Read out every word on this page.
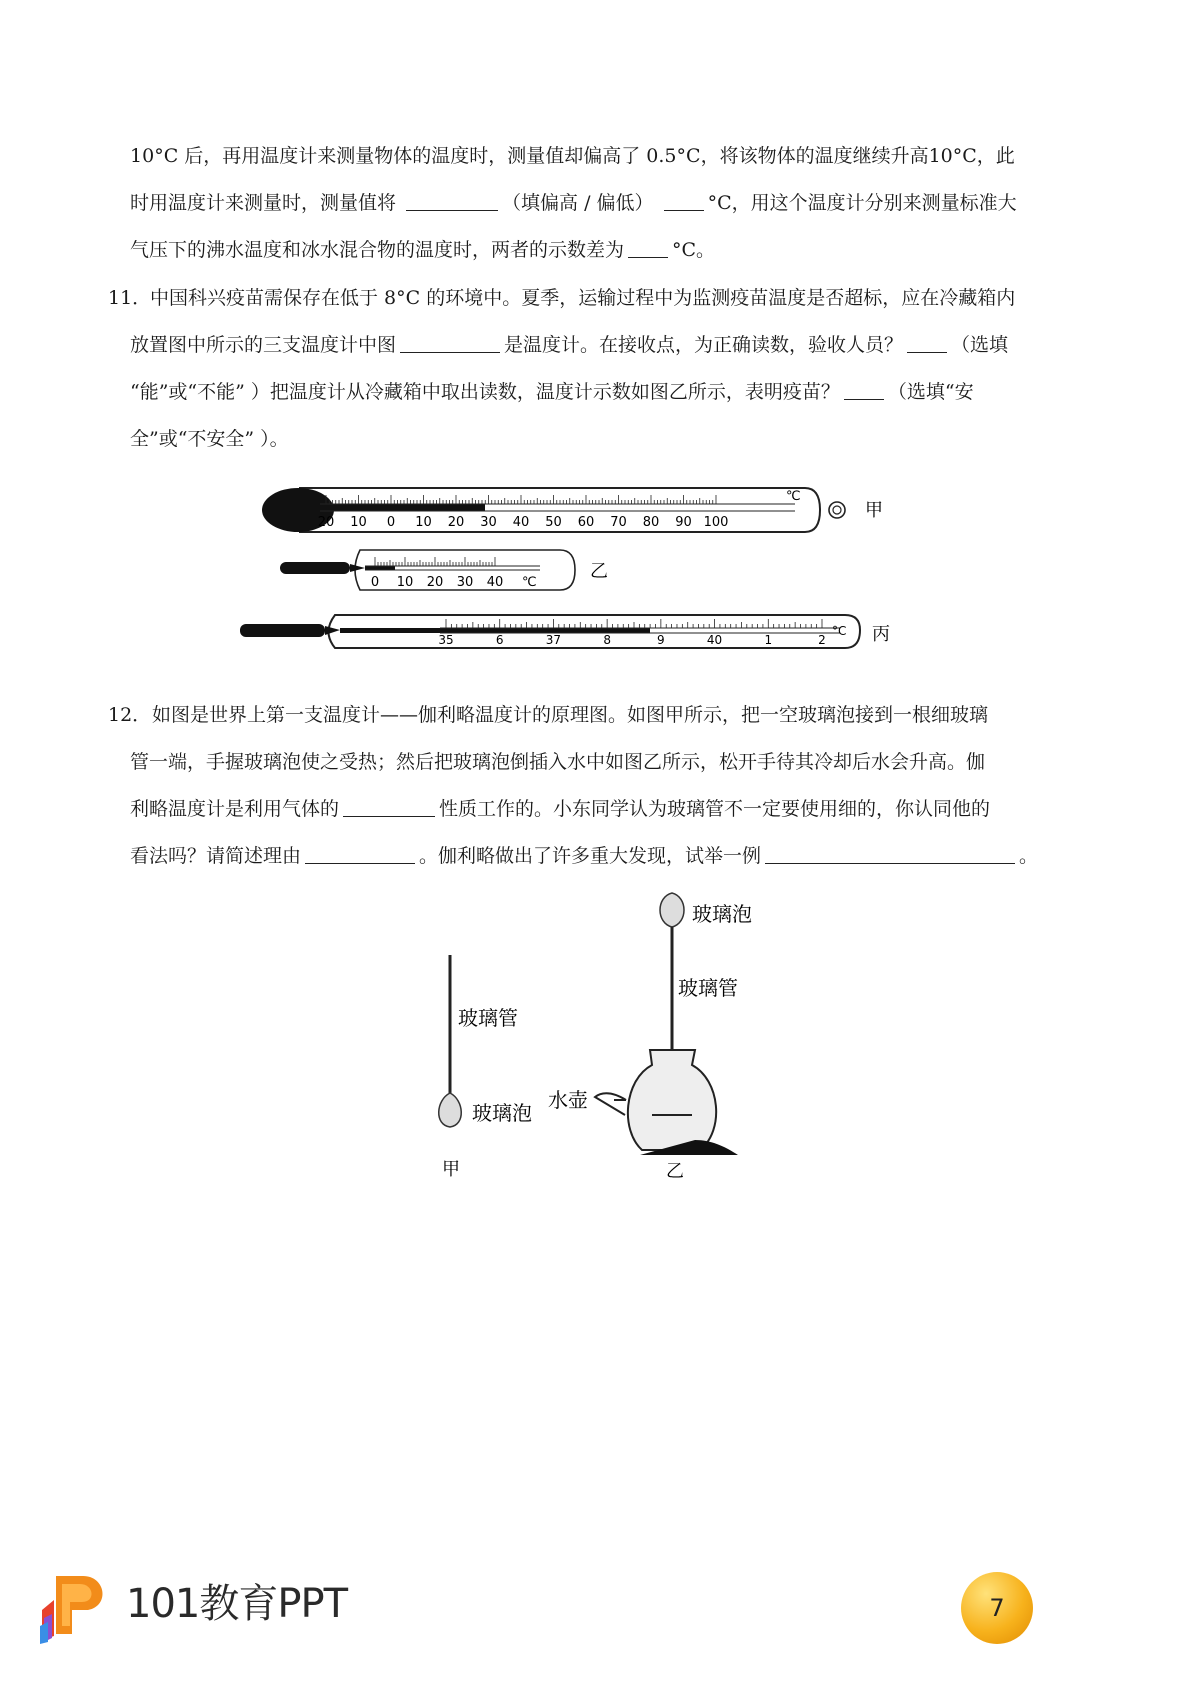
10°C 后，再用温度计来测量物体的温度时，测量值却偏高了 0.5°C，将该物体的温度继续升高10°C，此
时用温度计来测量时，测量值将	（填偏高 / 偏低）	°C，用这个温度计分别来测量标准大
气压下的沸水温度和冰水混合物的温度时，两者的示数差为	°C。
11．
中国科兴疫苗需保存在低于 8°C 的环境中。夏季，运输过程中为监测疫苗温度是否超标，应在冷藏箱内
放置图中所示的三支温度计中图	是温度计。在接收点，为正确读数，验收人员？	（选填
“能”或“不能” ）把温度计从冷藏箱中取出读数，温度计示数如图乙所示，表明疫苗？	（选填“安
全”或“不安全” ）。
20 10 0 10 20 30 40 50 60 70 80 90 100
℃
甲
0 10 20 30 40 ℃
乙
35	6	37	8	9	40	1	2
°C 丙
12． 如图是世界上第一支温度计——伽利略温度计的原理图。如图甲所示，把一空玻璃泡接到一根细玻璃
管一端，手握玻璃泡使之受热；然后把玻璃泡倒插入水中如图乙所示，松开手待其冷却后水会升高。伽
利略温度计是利用气体的	性质工作的。小东同学认为玻璃管不一定要使用细的，你认同他的
看法吗？请简述理由	。伽利略做出了许多重大发现，试举一例	。
玻璃管
玻璃泡
甲
玻璃泡
玻璃管
水壶
乙
101教育PPT	7
